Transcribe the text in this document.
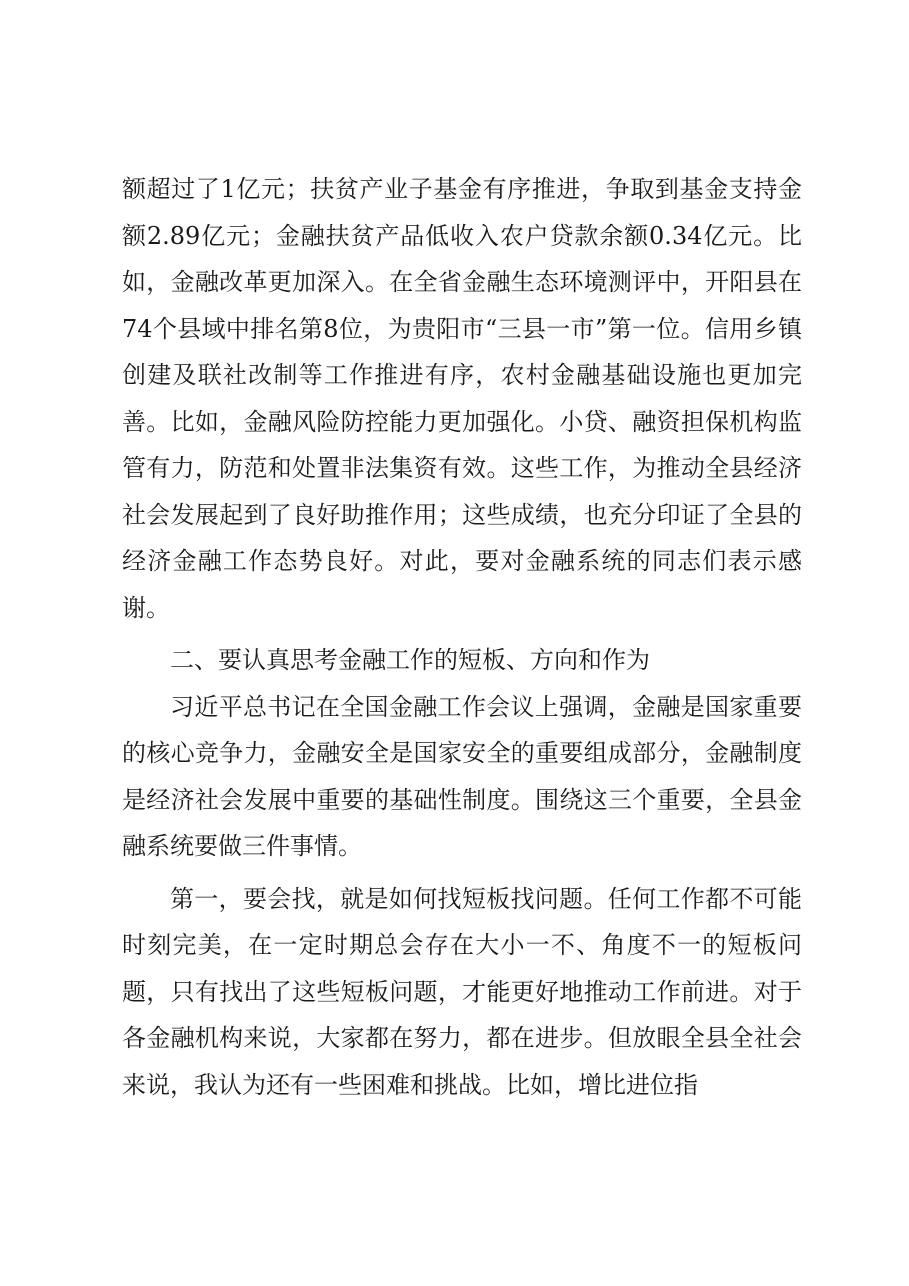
额超过了1亿元；扶贫产业子基金有序推进，争取到基金支持金额2.89亿元；金融扶贫产品低收入农户贷款余额0.34亿元。比如，金融改革更加深入。在全省金融生态环境测评中，开阳县在74个县域中排名第8位，为贵阳市“三县一市”第一位。信用乡镇创建及联社改制等工作推进有序，农村金融基础设施也更加完善。比如，金融风险防控能力更加强化。小贷、融资担保机构监管有力，防范和处置非法集资有效。这些工作，为推动全县经济社会发展起到了良好助推作用；这些成绩，也充分印证了全县的经济金融工作态势良好。对此，要对金融系统的同志们表示感谢。

二、要认真思考金融工作的短板、方向和作为

习近平总书记在全国金融工作会议上强调，金融是国家重要的核心竞争力，金融安全是国家安全的重要组成部分，金融制度是经济社会发展中重要的基础性制度。围绕这三个重要，全县金融系统要做三件事情。

第一，要会找，就是如何找短板找问题。任何工作都不可能时刻完美，在一定时期总会存在大小一不、角度不一的短板问题，只有找出了这些短板问题，才能更好地推动工作前进。对于各金融机构来说，大家都在努力，都在进步。但放眼全县全社会来说，我认为还有一些困难和挑战。比如，增比进位指
